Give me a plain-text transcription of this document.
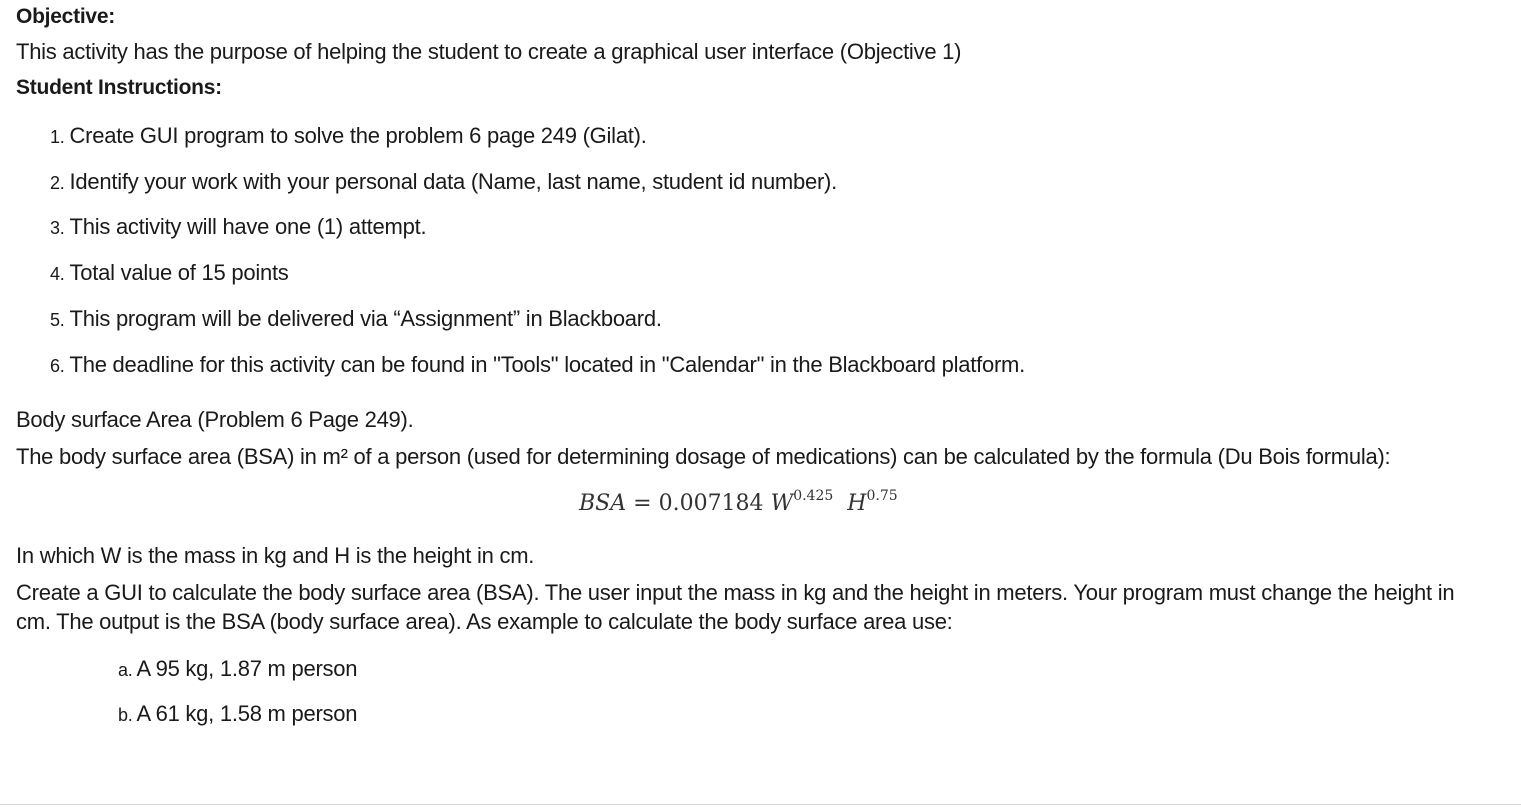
Objective:
This activity has the purpose of helping the student to create a graphical user interface (Objective 1)
Student Instructions:
1. Create GUI program to solve the problem 6 page 249 (Gilat).
2. Identify your work with your personal data (Name, last name, student id number).
3. This activity will have one (1) attempt.
4. Total value of 15 points
5. This program will be delivered via “Assignment” in Blackboard.
6. The deadline for this activity can be found in "Tools" located in "Calendar" in the Blackboard platform.
Body surface Area (Problem 6 Page 249).
The body surface area (BSA) in m² of a person (used for determining dosage of medications) can be calculated by the formula (Du Bois formula):
BSA = 0.007184 $W^{0.425}$ $H^{0.75}$
In which W is the mass in kg and H is the height in cm.
Create a GUI to calculate the body surface area (BSA). The user input the mass in kg and the height in meters. Your program must change the height in cm. The output is the BSA (body surface area). As example to calculate the body surface area use:
a. A 95 kg, 1.87 m person
b. A 61 kg, 1.58 m person
